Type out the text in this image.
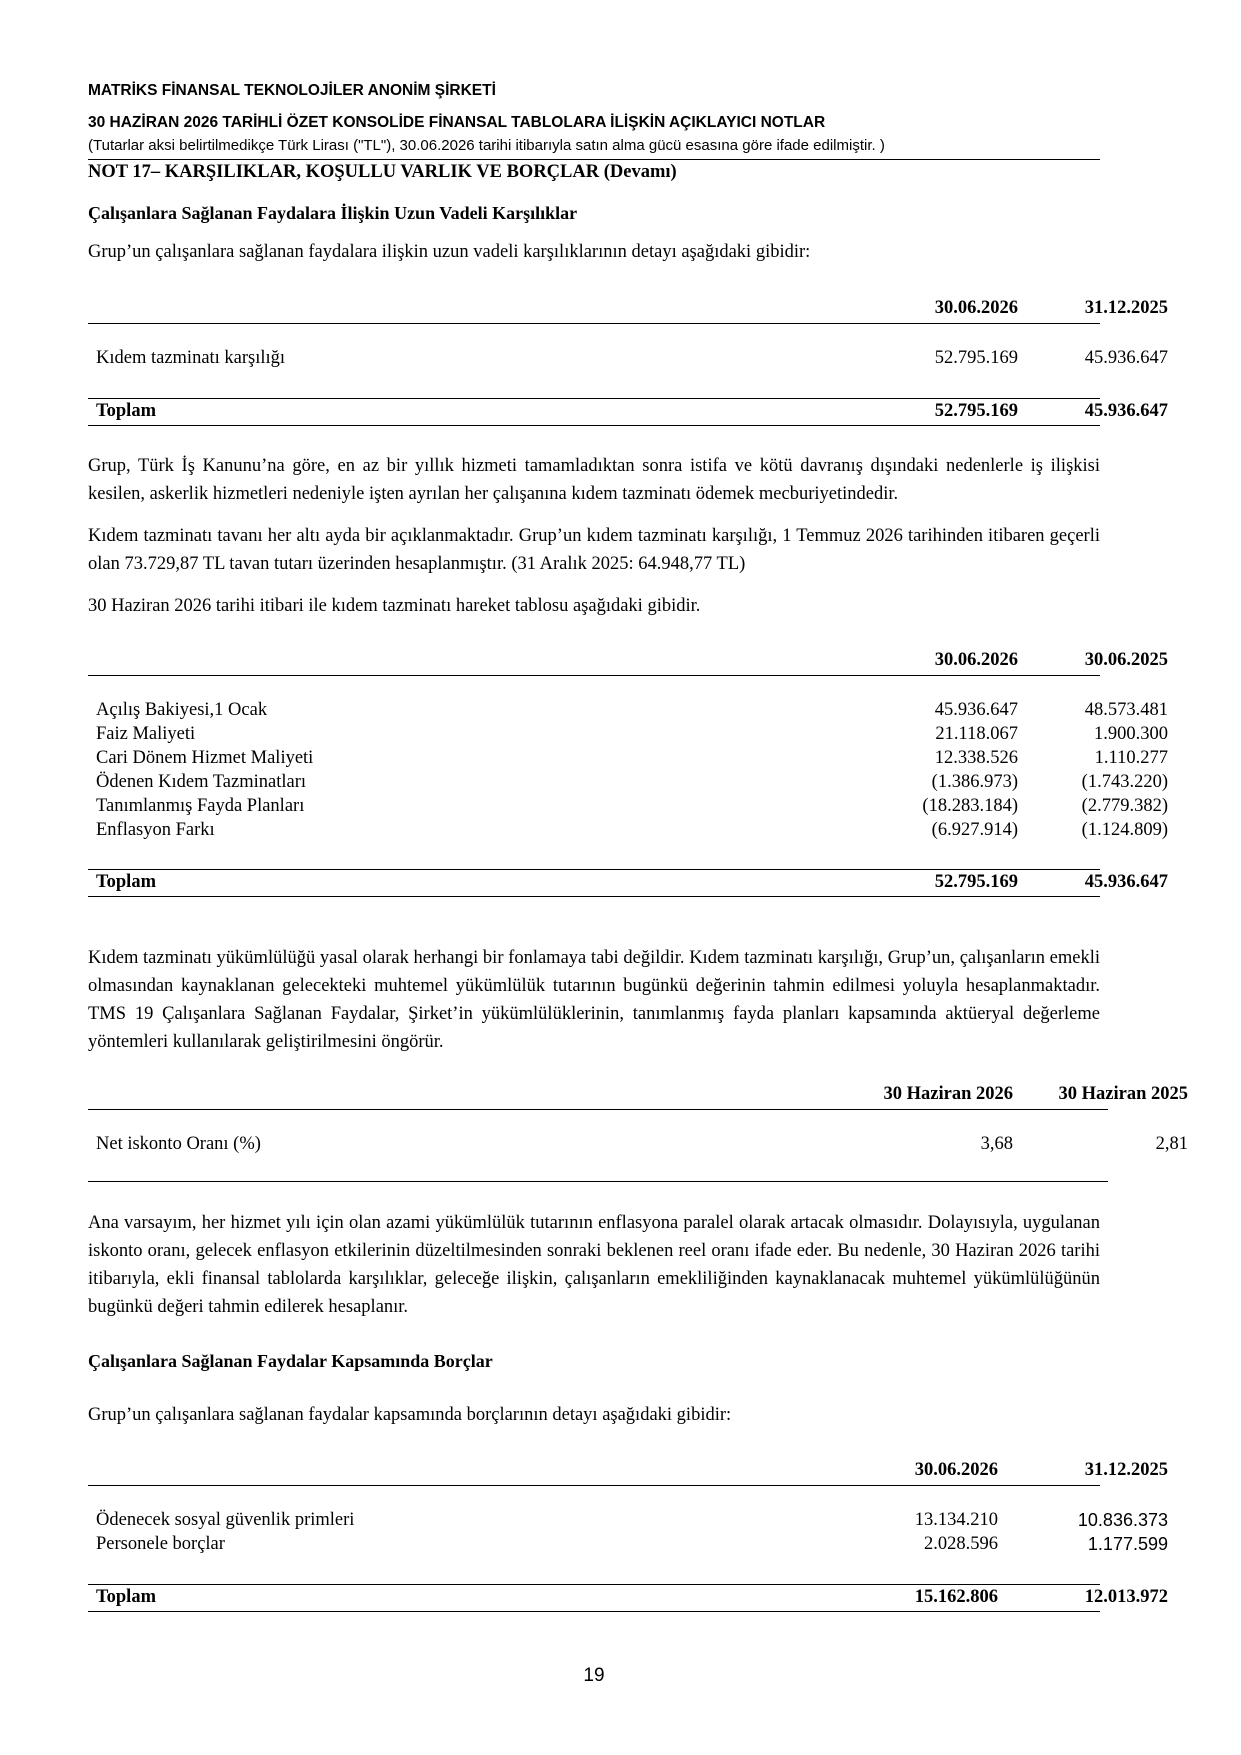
MATRİKS FİNANSAL TEKNOLOJİLER ANONİM ŞİRKETİ
30 HAZİRAN 2026 TARİHLİ ÖZET KONSOLİDE FİNANSAL TABLOLARA İLİŞKİN AÇIKLAYICI NOTLAR
(Tutarlar aksi belirtilmedikçe Türk Lirası ("TL"), 30.06.2026 tarihi itibarıyla satın alma gücü esasına göre ifade edilmiştir. )
NOT 17– KARŞILIKLAR, KOŞULLU VARLIK VE BORÇLAR (Devamı)
Çalışanlara Sağlanan Faydalara İlişkin Uzun Vadeli Karşılıklar
Grup’un çalışanlara sağlanan faydalara ilişkin uzun vadeli karşılıklarının detayı aşağıdaki gibidir:
30.06.2026	31.12.2025
Kıdem tazminatı karşılığı	52.795.169	45.936.647
Toplam	52.795.169	45.936.647
Grup, Türk İş Kanunu’na göre, en az bir yıllık hizmeti tamamladıktan sonra istifa ve kötü davranış dışındaki nedenlerle iş ilişkisi kesilen, askerlik hizmetleri nedeniyle işten ayrılan her çalışanına kıdem tazminatı ödemek mecburiyetindedir.
Kıdem tazminatı tavanı her altı ayda bir açıklanmaktadır. Grup’un kıdem tazminatı karşılığı, 1 Temmuz 2026 tarihinden itibaren geçerli olan 73.729,87 TL tavan tutarı üzerinden hesaplanmıştır. (31 Aralık 2025: 64.948,77 TL)
30 Haziran 2026 tarihi itibari ile kıdem tazminatı hareket tablosu aşağıdaki gibidir.
30.06.2026	30.06.2025
Açılış Bakiyesi,1 Ocak	45.936.647	48.573.481
Faiz Maliyeti	21.118.067	1.900.300
Cari Dönem Hizmet Maliyeti	12.338.526	1.110.277
Ödenen Kıdem Tazminatları	(1.386.973)	(1.743.220)
Tanımlanmış Fayda Planları	(18.283.184)	(2.779.382)
Enflasyon Farkı	(6.927.914)	(1.124.809)
Toplam	52.795.169	45.936.647
Kıdem tazminatı yükümlülüğü yasal olarak herhangi bir fonlamaya tabi değildir. Kıdem tazminatı karşılığı, Grup’un, çalışanların emekli olmasından kaynaklanan gelecekteki muhtemel yükümlülük tutarının bugünkü değerinin tahmin edilmesi yoluyla hesaplanmaktadır. TMS 19 Çalışanlara Sağlanan Faydalar, Şirket’in yükümlülüklerinin, tanımlanmış fayda planları kapsamında aktüeryal değerleme yöntemleri kullanılarak geliştirilmesini öngörür.
30 Haziran 2026	30 Haziran 2025
Net iskonto Oranı (%)	3,68	2,81
Ana varsayım, her hizmet yılı için olan azami yükümlülük tutarının enflasyona paralel olarak artacak olmasıdır. Dolayısıyla, uygulanan iskonto oranı, gelecek enflasyon etkilerinin düzeltilmesinden sonraki beklenen reel oranı ifade eder. Bu nedenle, 30 Haziran 2026 tarihi itibarıyla, ekli finansal tablolarda karşılıklar, geleceğe ilişkin, çalışanların emekliliğinden kaynaklanacak muhtemel yükümlülüğünün bugünkü değeri tahmin edilerek hesaplanır.
Çalışanlara Sağlanan Faydalar Kapsamında Borçlar
Grup’un çalışanlara sağlanan faydalar kapsamında borçlarının detayı aşağıdaki gibidir:
30.06.2026	31.12.2025
Ödenecek sosyal güvenlik primleri	13.134.210	10.836.373
Personele borçlar	2.028.596	1.177.599
Toplam	15.162.806	12.013.972
19
